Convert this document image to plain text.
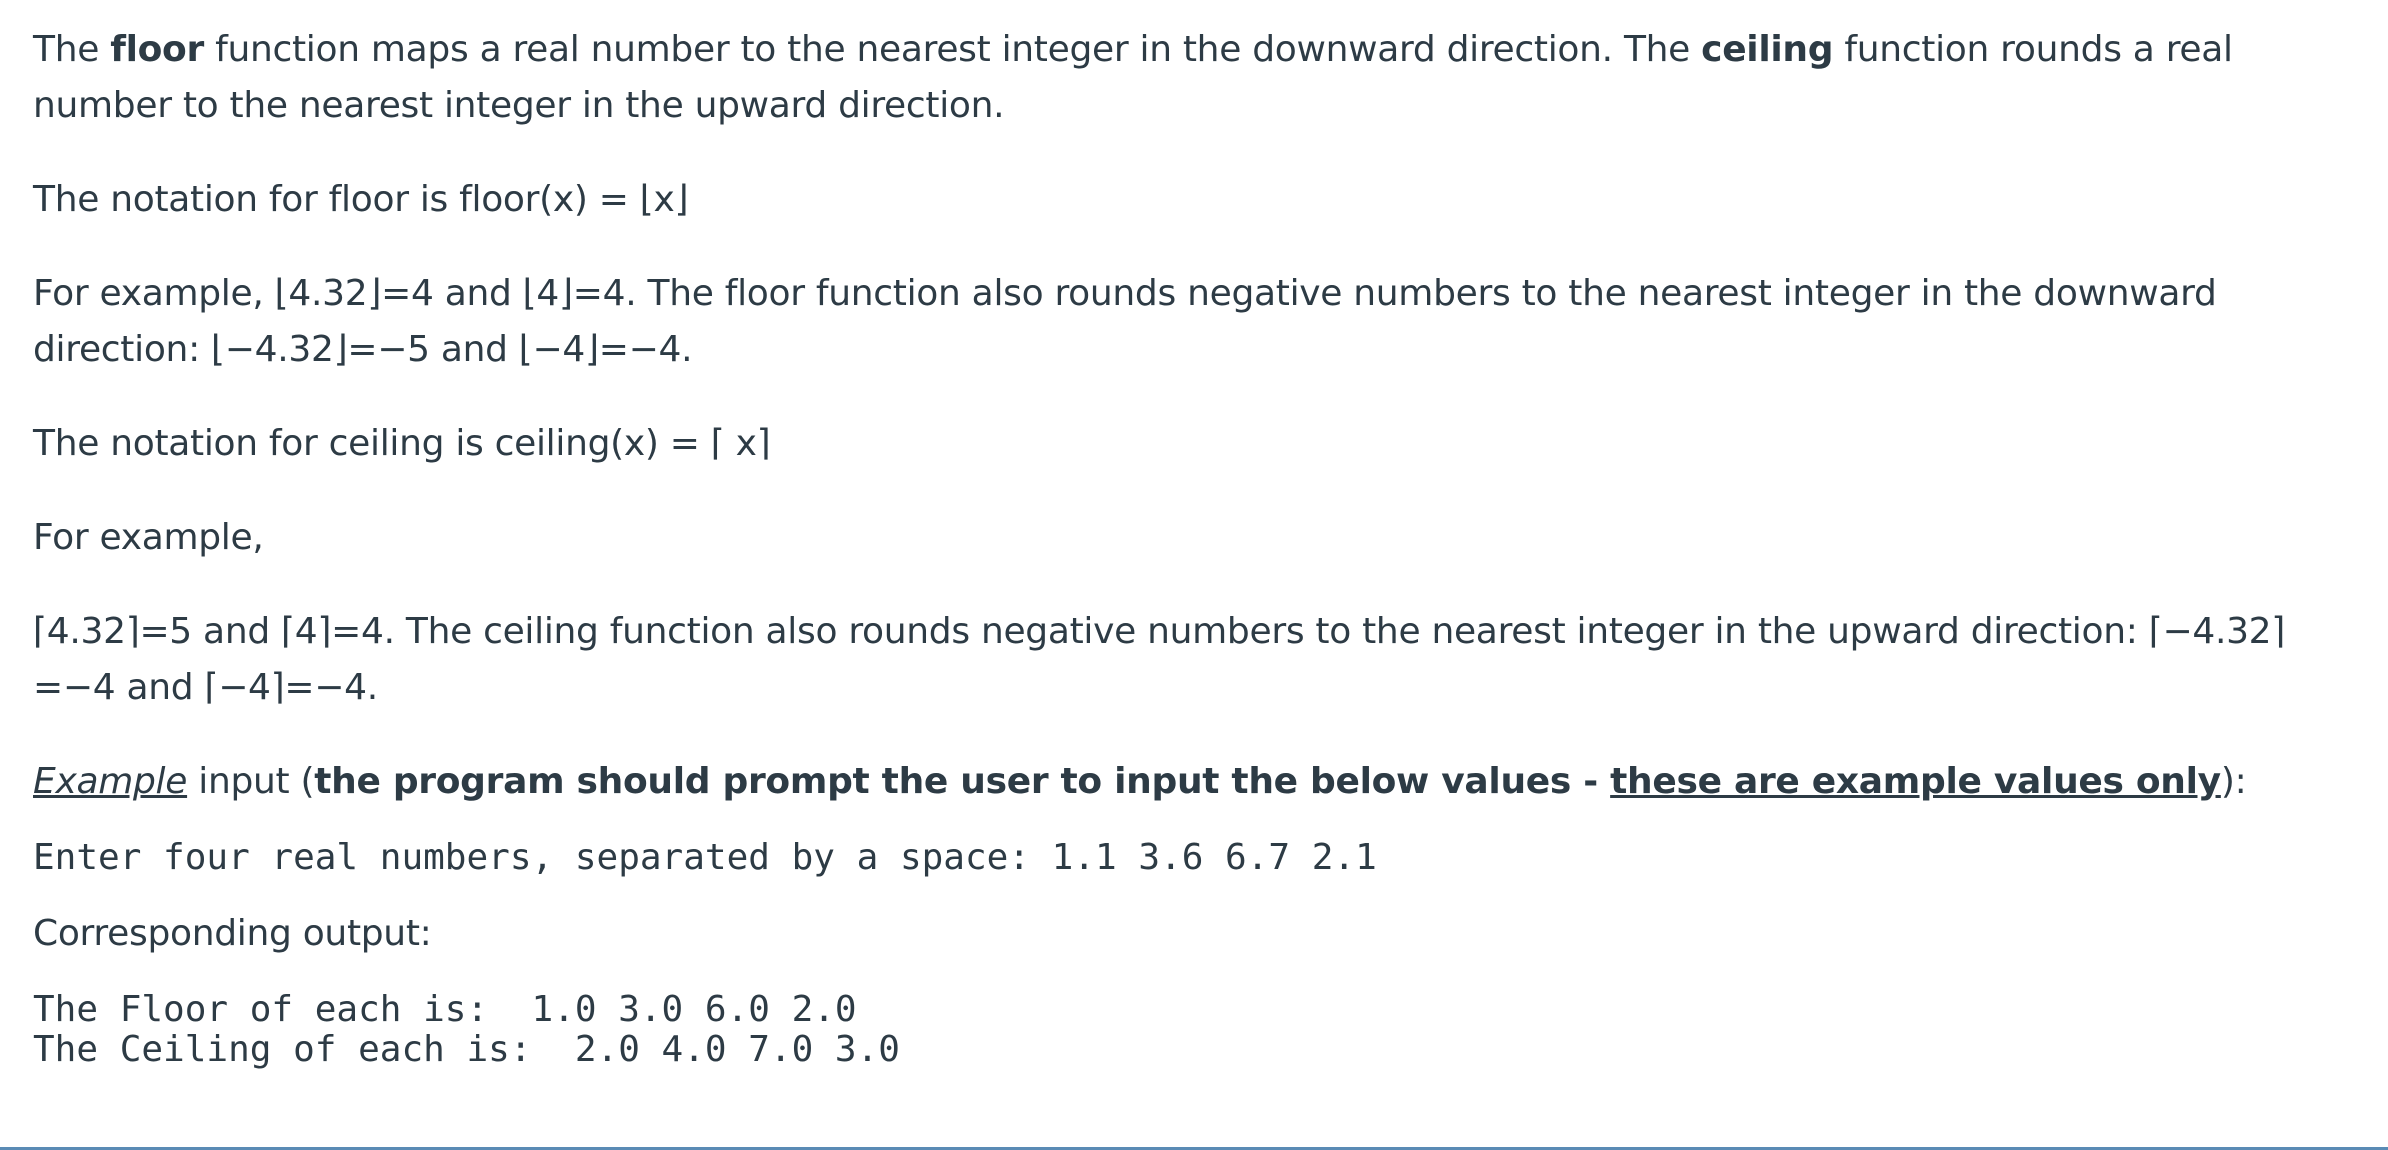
The floor function maps a real number to the nearest integer in the downward direction. The ceiling function rounds a real number to the nearest integer in the upward direction.

The notation for floor is floor(x) = ⌊x⌋

For example, ⌊4.32⌋=4 and ⌊4⌋=4. The floor function also rounds negative numbers to the nearest integer in the downward

direction: ⌊−4.32⌋=−5 and ⌊−4⌋=−4.

The notation for ceiling is ceiling(x) = ⌈ x⌉

For example,

⌈4.32⌉=5 and ⌈4⌉=4. The ceiling function also rounds negative numbers to the nearest integer in the upward direction: ⌈−4.32⌉

=−4 and ⌈−4⌉=−4.

Example input (the program should prompt the user to input the below values - these are example values only):

Enter four real numbers, separated by a space: 1.1 3.6 6.7 2.1

Corresponding output:

The Floor of each is:  1.0 3.0 6.0 2.0

The Ceiling of each is:  2.0 4.0 7.0 3.0
